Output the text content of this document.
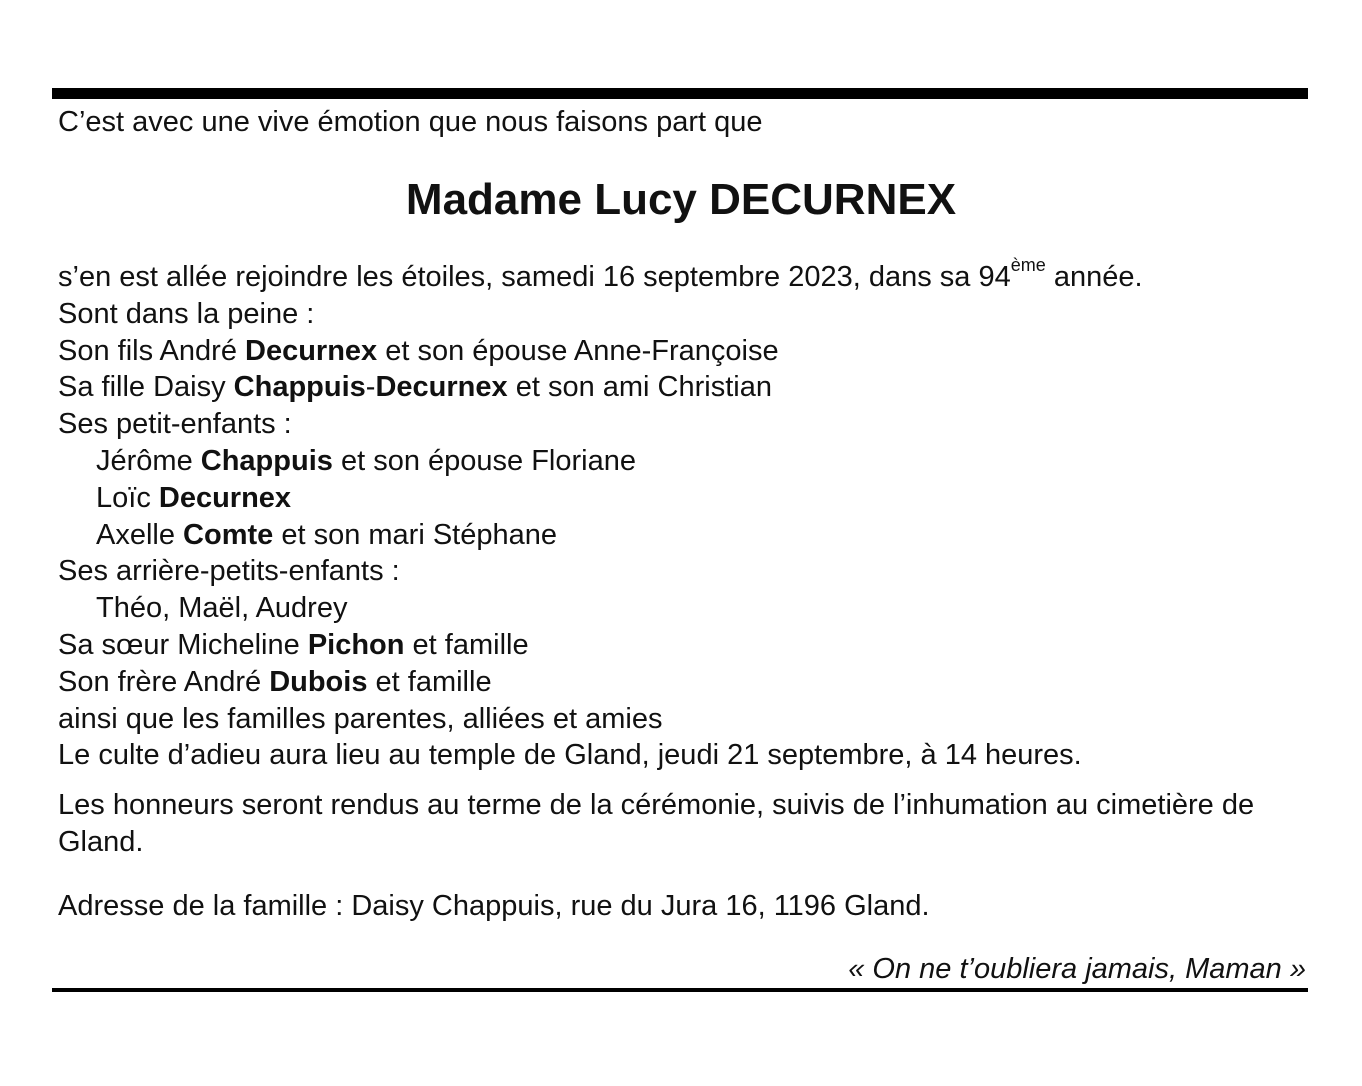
C’est avec une vive émotion que nous faisons part que
Madame Lucy DECURNEX
s’en est allée rejoindre les étoiles, samedi 16 septembre 2023, dans sa 94ème année.
Sont dans la peine :
Son fils André Decurnex et son épouse Anne-Françoise
Sa fille Daisy Chappuis-Decurnex et son ami Christian
Ses petit-enfants :
Jérôme Chappuis et son épouse Floriane
Loïc Decurnex
Axelle Comte et son mari Stéphane
Ses arrière-petits-enfants :
Théo, Maël, Audrey
Sa sœur Micheline Pichon et famille
Son frère André Dubois et famille
ainsi que les familles parentes, alliées et amies
Le culte d’adieu aura lieu au temple de Gland, jeudi 21 septembre, à 14 heures.
Les honneurs seront rendus au terme de la cérémonie, suivis de l’inhumation au cimetière de Gland.
Adresse de la famille : Daisy Chappuis, rue du Jura 16, 1196 Gland.
« On ne t’oubliera jamais, Maman »
